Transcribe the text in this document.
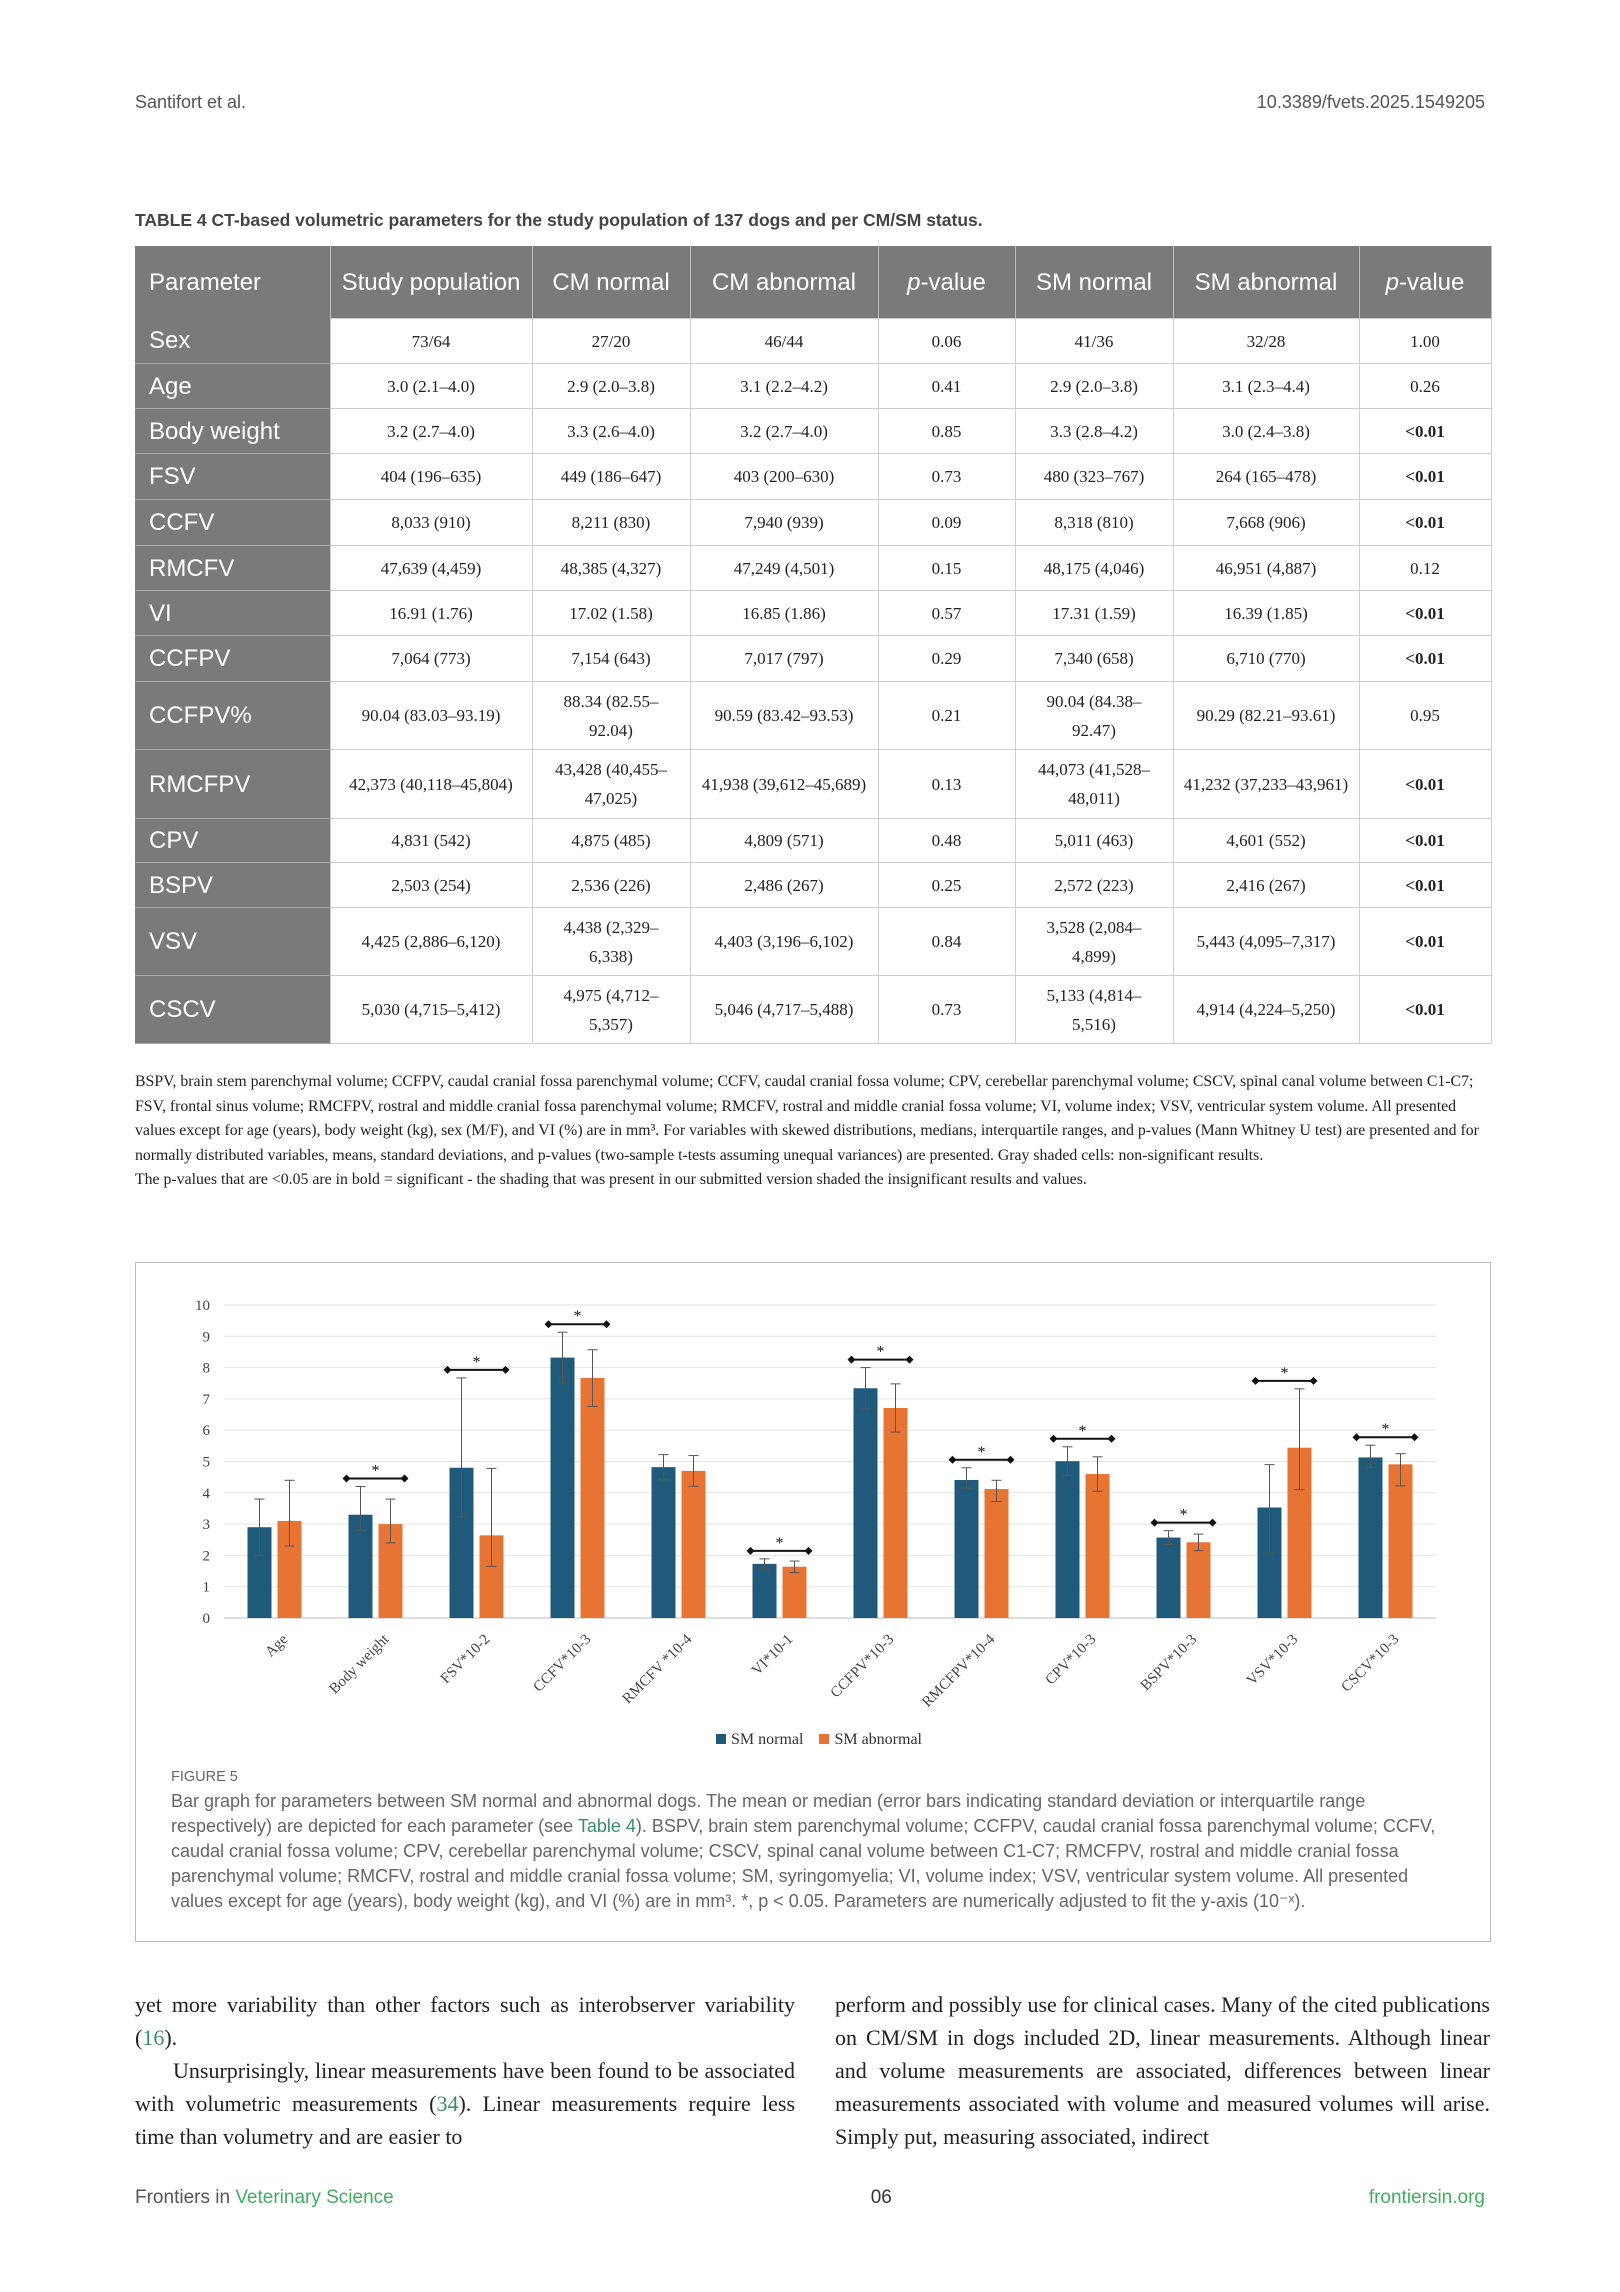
Santifort et al.	10.3389/fvets.2025.1549205
TABLE 4 CT-based volumetric parameters for the study population of 137 dogs and per CM/SM status.
Parameter	Study population	CM normal	CM abnormal	p-value	SM normal	SM abnormal	p-value
Sex	73/64	27/20	46/44	0.06	41/36	32/28	1.00
Age	3.0 (2.1–4.0)	2.9 (2.0–3.8)	3.1 (2.2–4.2)	0.41	2.9 (2.0–3.8)	3.1 (2.3–4.4)	0.26
Body weight	3.2 (2.7–4.0)	3.3 (2.6–4.0)	3.2 (2.7–4.0)	0.85	3.3 (2.8–4.2)	3.0 (2.4–3.8)	<0.01
FSV	404 (196–635)	449 (186–647)	403 (200–630)	0.73	480 (323–767)	264 (165–478)	<0.01
CCFV	8,033 (910)	8,211 (830)	7,940 (939)	0.09	8,318 (810)	7,668 (906)	<0.01
RMCFV	47,639 (4,459)	48,385 (4,327)	47,249 (4,501)	0.15	48,175 (4,046)	46,951 (4,887)	0.12
VI	16.91 (1.76)	17.02 (1.58)	16.85 (1.86)	0.57	17.31 (1.59)	16.39 (1.85)	<0.01
CCFPV	7,064 (773)	7,154 (643)	7,017 (797)	0.29	7,340 (658)	6,710 (770)	<0.01
CCFPV%	90.04 (83.03–93.19)	88.34 (82.55–92.04)	90.59 (83.42–93.53)	0.21	90.04 (84.38–92.47)	90.29 (82.21–93.61)	0.95
RMCFPV	42,373 (40,118–45,804)	43,428 (40,455–47,025)	41,938 (39,612–45,689)	0.13	44,073 (41,528–48,011)	41,232 (37,233–43,961)	<0.01
CPV	4,831 (542)	4,875 (485)	4,809 (571)	0.48	5,011 (463)	4,601 (552)	<0.01
BSPV	2,503 (254)	2,536 (226)	2,486 (267)	0.25	2,572 (223)	2,416 (267)	<0.01
VSV	4,425 (2,886–6,120)	4,438 (2,329–6,338)	4,403 (3,196–6,102)	0.84	3,528 (2,084–4,899)	5,443 (4,095–7,317)	<0.01
CSCV	5,030 (4,715–5,412)	4,975 (4,712–5,357)	5,046 (4,717–5,488)	0.73	5,133 (4,814–5,516)	4,914 (4,224–5,250)	<0.01

BSPV, brain stem parenchymal volume; CCFPV, caudal cranial fossa parenchymal volume; CCFV, caudal cranial fossa volume; CPV, cerebellar parenchymal volume; CSCV, spinal canal volume between C1-C7; FSV, frontal sinus volume; RMCFPV, rostral and middle cranial fossa parenchymal volume; RMCFV, rostral and middle cranial fossa volume; VI, volume index; VSV, ventricular system volume. All presented values except for age (years), body weight (kg), sex (M/F), and VI (%) are in mm³. For variables with skewed distributions, medians, interquartile ranges, and p-values (Mann Whitney U test) are presented and for normally distributed variables, means, standard deviations, and p-values (two-sample t-tests assuming unequal variances) are presented. Gray shaded cells: non-significant results.

The p-values that are <0.05 are in bold = significant - the shading that was present in our submitted version shaded the insignificant results and values.

0
1
2
3
4
5
6
7
8
9
10
Age
*
Body weight
*
FSV*10-2
*
CCFV*10-3 RMCFV *10-4
*
VI*10-1
*
CCFPV*10-3
*
RMCFPV*10-4
*
CPV*10-3
*
BSPV*10-3
*
VSV*10-3
*
CSCV*10-3
SM normal	SM abnormal
FIGURE 5
Bar graph for parameters between SM normal and abnormal dogs. The mean or median (error bars indicating standard deviation or interquartile range respectively) are depicted for each parameter (see Table 4). BSPV, brain stem parenchymal volume; CCFPV, caudal cranial fossa parenchymal volume; CCFV, caudal cranial fossa volume; CPV, cerebellar parenchymal volume; CSCV, spinal canal volume between C1-C7; RMCFPV, rostral and middle cranial fossa parenchymal volume; RMCFV, rostral and middle cranial fossa volume; SM, syringomyelia; VI, volume index; VSV, ventricular system volume. All presented values except for age (years), body weight (kg), and VI (%) are in mm³. *, p < 0.05. Parameters are numerically adjusted to fit the y-axis (10⁻ˣ).

yet more variability than other factors such as interobserver variability (16).

Unsurprisingly, linear measurements have been found to be associated with volumetric measurements (34). Linear measurements require less time than volumetry and are easier to

perform and possibly use for clinical cases. Many of the cited publications on CM/SM in dogs included 2D, linear measurements. Although linear and volume measurements are associated, differences between linear measurements associated with volume and measured volumes will arise. Simply put, measuring associated, indirect

Frontiers in Veterinary Science	06	frontiersin.org
